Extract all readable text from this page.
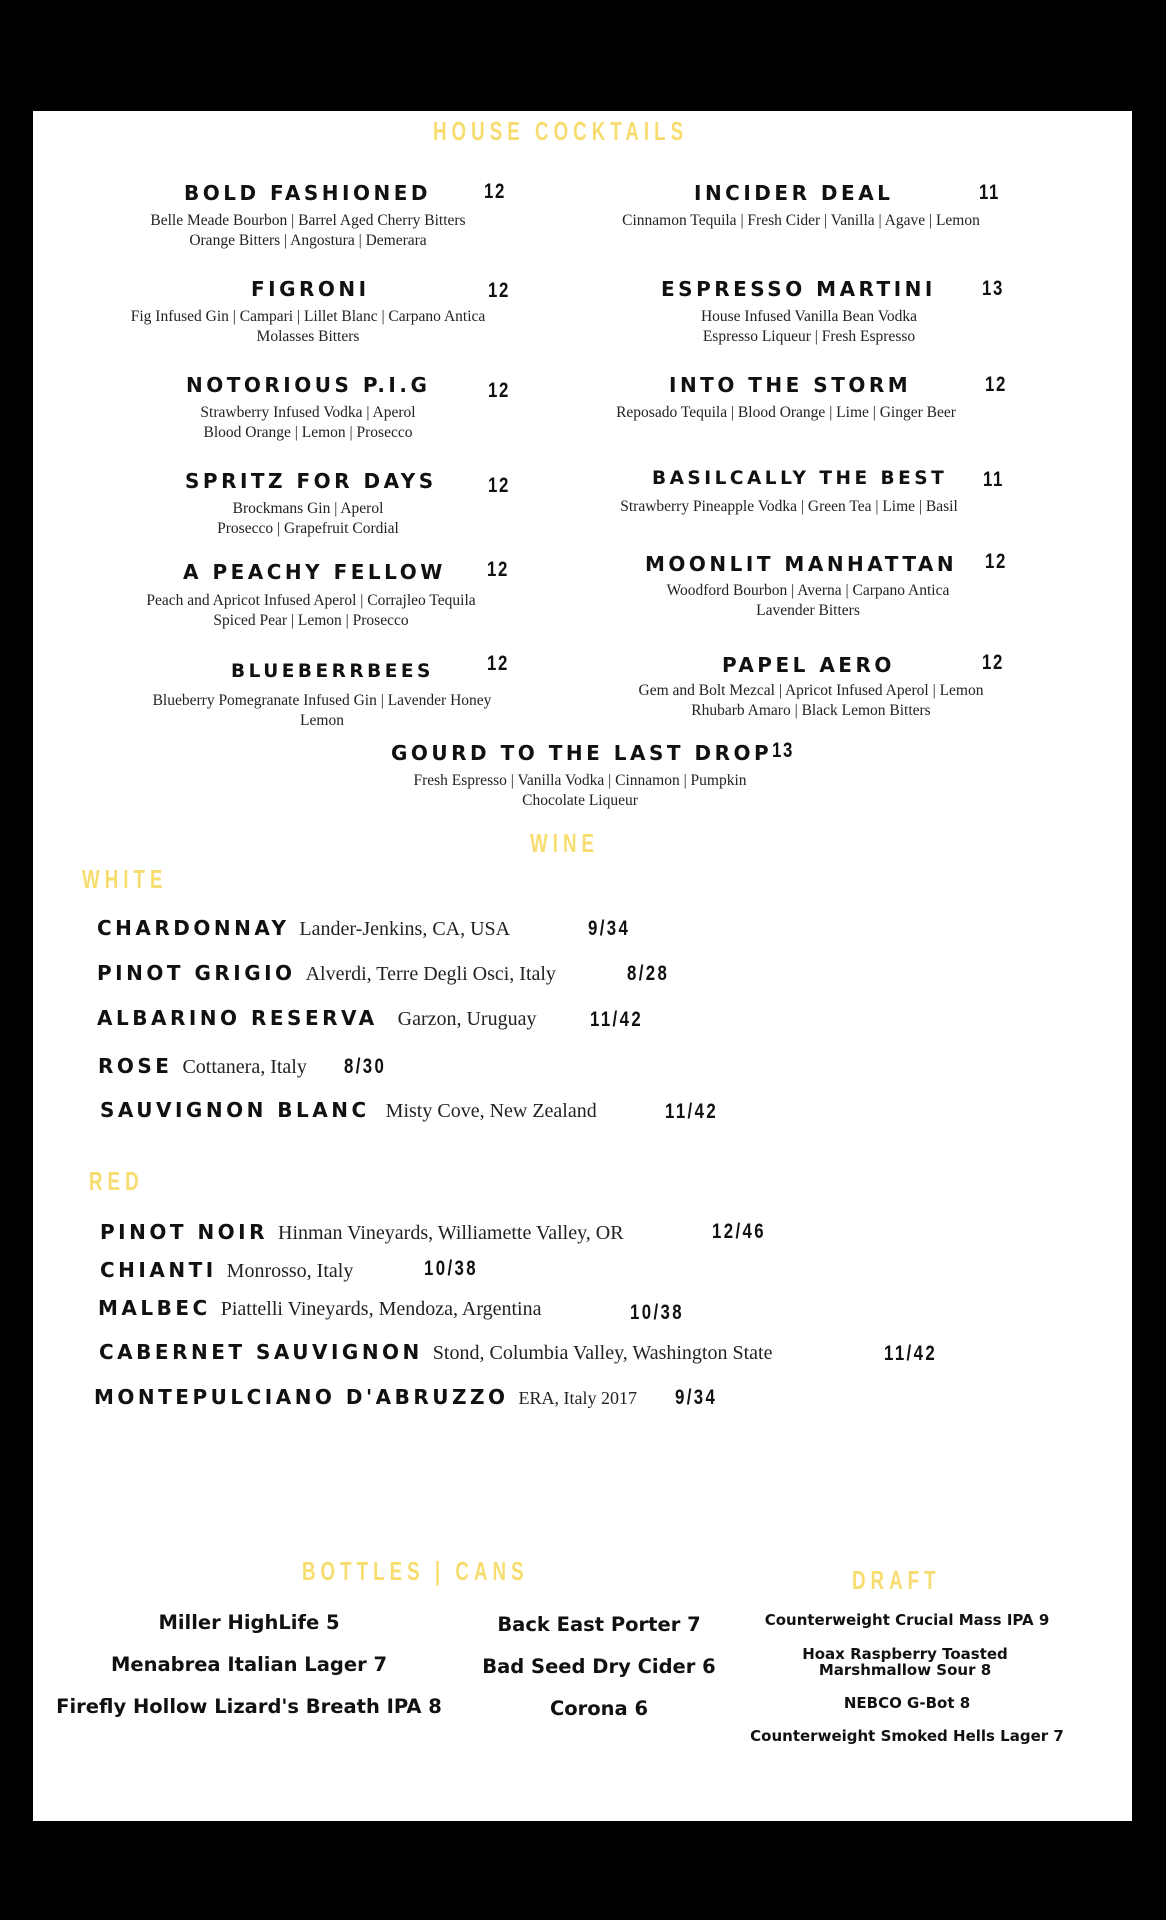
HOUSE COCKTAILS
WINE
WHITE
RED
BOTTLES | CANS	DRAFT
BOLD FASHIONED	12
Belle Meade Bourbon | Barrel Aged Cherry Bitters
Orange Bitters | Angostura | Demerara
FIGRONI	12
Fig Infused Gin | Campari | Lillet Blanc | Carpano Antica
Molasses Bitters
NOTORIOUS P.I.G	12
Strawberry Infused Vodka | Aperol
Blood Orange | Lemon | Prosecco
SPRITZ FOR DAYS 12
Brockmans Gin | Aperol
Prosecco | Grapefruit Cordial
A PEACHY FELLOW 12
Peach and Apricot Infused Aperol | Corrajleo Tequila
Spiced Pear | Lemon | Prosecco
BLUEBERRBEES	12
Blueberry Pomegranate Infused Gin | Lavender Honey
Lemon
INCIDER DEAL	11
Cinnamon Tequila | Fresh Cider | Vanilla | Agave | Lemon
ESPRESSO MARTINI 13
House Infused Vanilla Bean Vodka
Espresso Liqueur | Fresh Espresso
INTO THE STORM	12
Reposado Tequila | Blood Orange | Lime | Ginger Beer
BASILCALLY THE BEST 11
Strawberry Pineapple Vodka | Green Tea | Lime | Basil
MOONLIT MANHATTAN 12
Woodford Bourbon | Averna | Carpano Antica
Lavender Bitters
PAPEL AERO	12
Gem and Bolt Mezcal | Apricot Infused Aperol | Lemon
Rhubarb Amaro | Black Lemon Bitters
GOURD TO THE LAST DROP 13
Fresh Espresso | Vanilla Vodka | Cinnamon | Pumpkin
Chocolate Liqueur
CHARDONNAY Lander-Jenkins, CA, USA	9/34
PINOT GRIGIO Alverdi, Terre Degli Osci, Italy	8/28
ALBARINO RESERVA Garzon, Uruguay	11/42
ROSE Cottanera, Italy 8/30
SAUVIGNON BLANC Misty Cove, New Zealand	11/42
PINOT NOIR Hinman Vineyards, Williamette Valley, OR	12/46
CHIANTI Monrosso, Italy	10/38
MALBEC Piattelli Vineyards, Mendoza, Argentina	10/38
CABERNET SAUVIGNON Stond, Columbia Valley, Washington State	11/42
MONTEPULCIANO D'ABRUZZO ERA, Italy 2017 9/34
Miller HighLife 5
Menabrea Italian Lager 7
Firefly Hollow Lizard's Breath IPA 8
Back East Porter 7
Bad Seed Dry Cider 6
Corona 6
Counterweight Crucial Mass IPA 9
Hoax Raspberry Toasted
Marshmallow Sour 8
NEBCO G-Bot 8
Counterweight Smoked Hells Lager 7
